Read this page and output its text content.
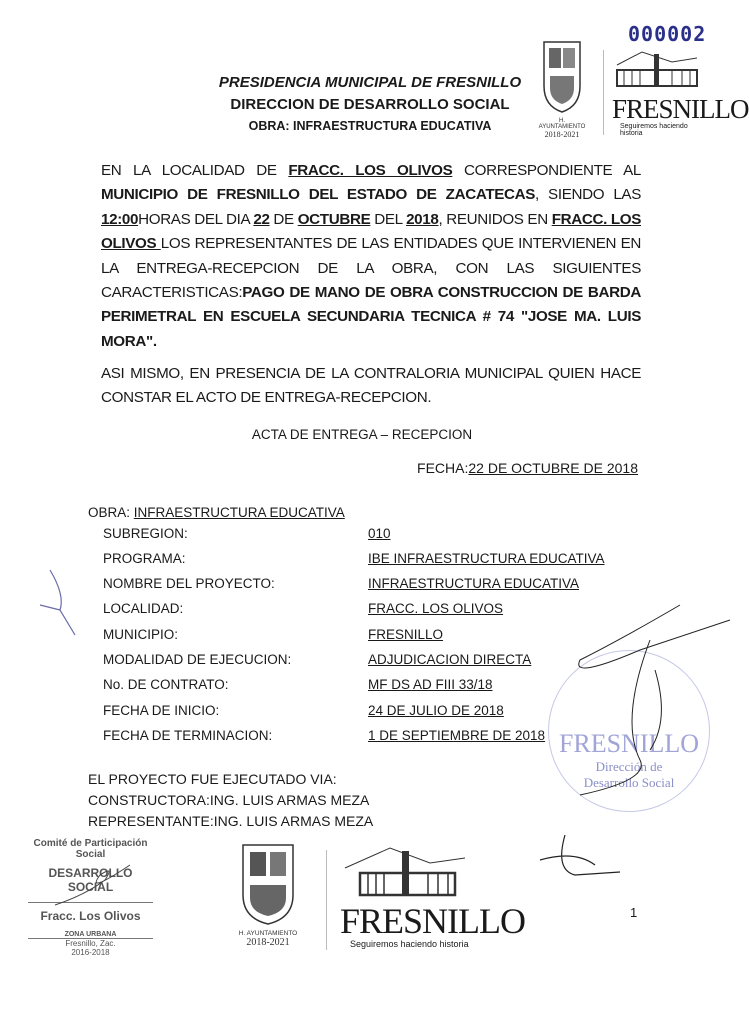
000002
PRESIDENCIA MUNICIPAL DE FRESNILLO
DIRECCION DE DESARROLLO SOCIAL
OBRA: INFRAESTRUCTURA EDUCATIVA	H. AYUNTAMIENTO
2018-2021
FRESNILLO
Seguiremos haciendo historia
EN LA LOCALIDAD DE FRACC. LOS OLIVOS CORRESPONDIENTE AL MUNICIPIO DE FRESNILLO DEL ESTADO DE ZACATECAS, SIENDO LAS 12:00HORAS DEL DIA 22 DE OCTUBRE DEL 2018, REUNIDOS EN FRACC. LOS OLIVOS LOS REPRESENTANTES DE LAS ENTIDADES QUE INTERVIENEN EN LA ENTREGA-RECEPCION DE LA OBRA, CON LAS SIGUIENTES CARACTERISTICAS:PAGO DE MANO DE OBRA CONSTRUCCION DE BARDA PERIMETRAL EN ESCUELA SECUNDARIA TECNICA # 74 "JOSE MA. LUIS MORA".
ASI MISMO, EN PRESENCIA DE LA CONTRALORIA MUNICIPAL QUIEN HACE CONSTAR EL ACTO DE ENTREGA-RECEPCION.
ACTA DE ENTREGA – RECEPCION
FECHA:22 DE OCTUBRE DE 2018
OBRA: INFRAESTRUCTURA EDUCATIVA
SUBREGION:	010
PROGRAMA:	IBE INFRAESTRUCTURA EDUCATIVA
NOMBRE DEL PROYECTO:	INFRAESTRUCTURA EDUCATIVA
LOCALIDAD:	FRACC. LOS OLIVOS
MUNICIPIO:	FRESNILLO
MODALIDAD DE EJECUCION:	ADJUDICACION DIRECTA
No. DE CONTRATO:	MF DS AD FIII 33/18
FECHA DE INICIO:	24 DE JULIO DE 2018
FECHA DE TERMINACION:	1 DE SEPTIEMBRE DE 2018 FRESNILLO
Dirección de
Desarrollo Social
EL PROYECTO FUE EJECUTADO VIA:
CONSTRUCTORA:ING. LUIS ARMAS MEZA
REPRESENTANTE:ING. LUIS ARMAS MEZA
Comité de Participación Social
DESARROLLO SOCIAL
Fracc. Los Olivos
ZONA URBANA
Fresnillo, Zac.
2016-2018
H. AYUNTAMIENTO
2018-2021
FRESNILLO
Seguiremos haciendo historia
1
